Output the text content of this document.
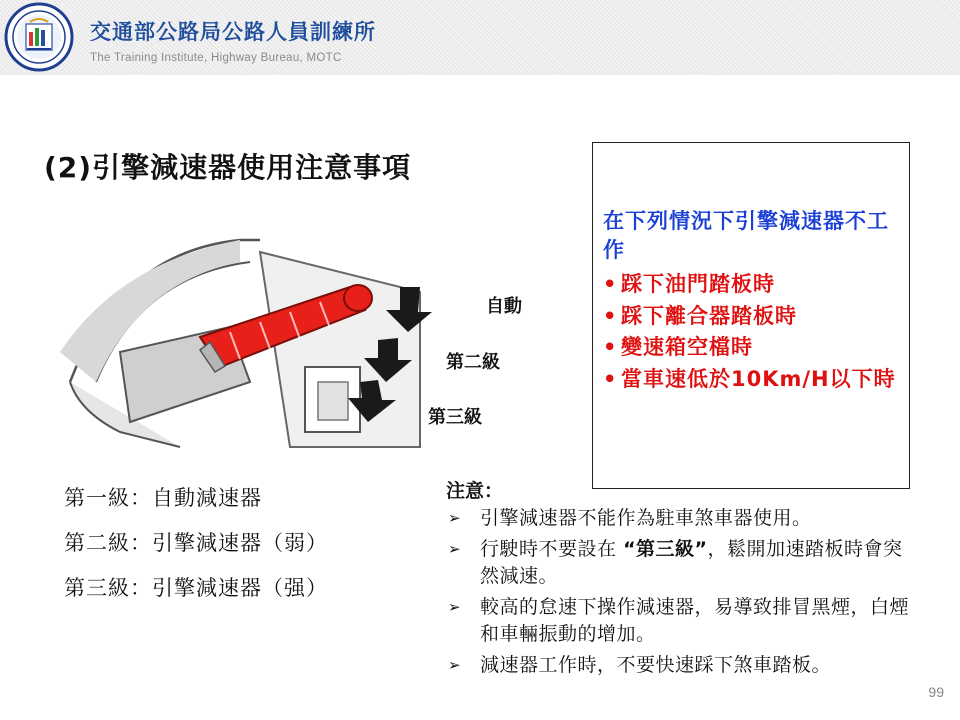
交通部公路局公路人員訓練所
The Training Institute, Highway Bureau, MOTC
(2)引擎減速器使用注意事項
自動
第二級
第三級
第一級：自動減速器
第二級：引擎減速器（弱）
第三級：引擎減速器（强）
在下列情況下引擎減速器不工作
• 踩下油門踏板時
• 踩下離合器踏板時
• 變速箱空檔時
• 當車速低於10Km/H以下時
注意：
➢ 引擎減速器不能作為駐車煞車器使用。
➢ 行駛時不要設在 “第三級”，鬆開加速踏板時會突然減速。
➢ 較高的怠速下操作減速器，易導致排冒黑煙，白煙和車輛振動的增加。
➢ 減速器工作時，不要快速踩下煞車踏板。
99
